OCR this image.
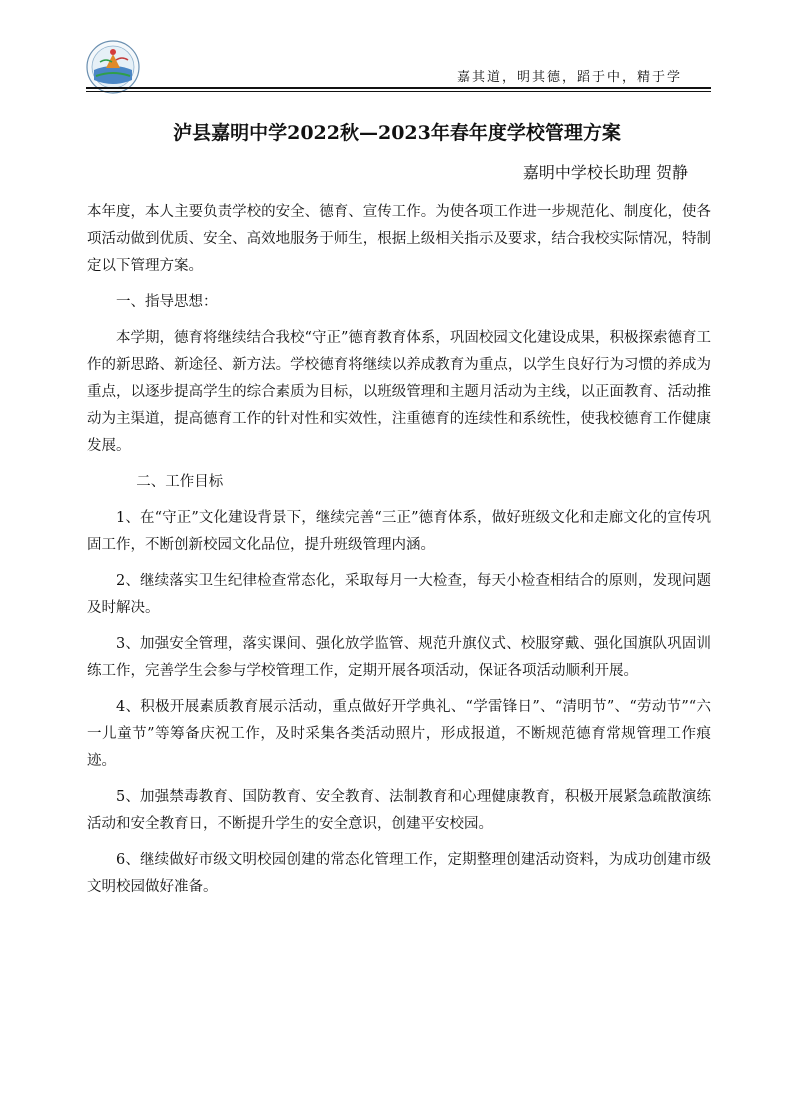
嘉其道，明其德，蹈于中，精于学
泸县嘉明中学2022秋—2023年春年度学校管理方案
嘉明中学校长助理 贺静

本年度，本人主要负责学校的安全、德育、宣传工作。为使各项工作进一步规范化、制度化，使各项活动做到优质、安全、高效地服务于师生，根据上级相关指示及要求，结合我校实际情况，特制定以下管理方案。

一、指导思想：

本学期，德育将继续结合我校“守正”德育教育体系，巩固校园文化建设成果，积极探索德育工作的新思路、新途径、新方法。学校德育将继续以养成教育为重点，以学生良好行为习惯的养成为重点，以逐步提高学生的综合素质为目标，以班级管理和主题月活动为主线，以正面教育、活动推动为主渠道，提高德育工作的针对性和实效性，注重德育的连续性和系统性，使我校德育工作健康发展。

二、工作目标

1、在“守正”文化建设背景下，继续完善“三正”德育体系，做好班级文化和走廊文化的宣传巩固工作，不断创新校园文化品位，提升班级管理内涵。

2、继续落实卫生纪律检查常态化，采取每月一大检查，每天小检查相结合的原则，发现问题及时解决。

3、加强安全管理，落实课间、强化放学监管、规范升旗仪式、校服穿戴、强化国旗队巩固训练工作，完善学生会参与学校管理工作，定期开展各项活动，保证各项活动顺利开展。

4、积极开展素质教育展示活动，重点做好开学典礼、“学雷锋日”、“清明节”、“劳动节”“六一儿童节”等筹备庆祝工作，及时采集各类活动照片，形成报道，不断规范德育常规管理工作痕迹。

5、加强禁毒教育、国防教育、安全教育、法制教育和心理健康教育，积极开展紧急疏散演练活动和安全教育日，不断提升学生的安全意识，创建平安校园。

6、继续做好市级文明校园创建的常态化管理工作，定期整理创建活动资料，为成功创建市级文明校园做好准备。
